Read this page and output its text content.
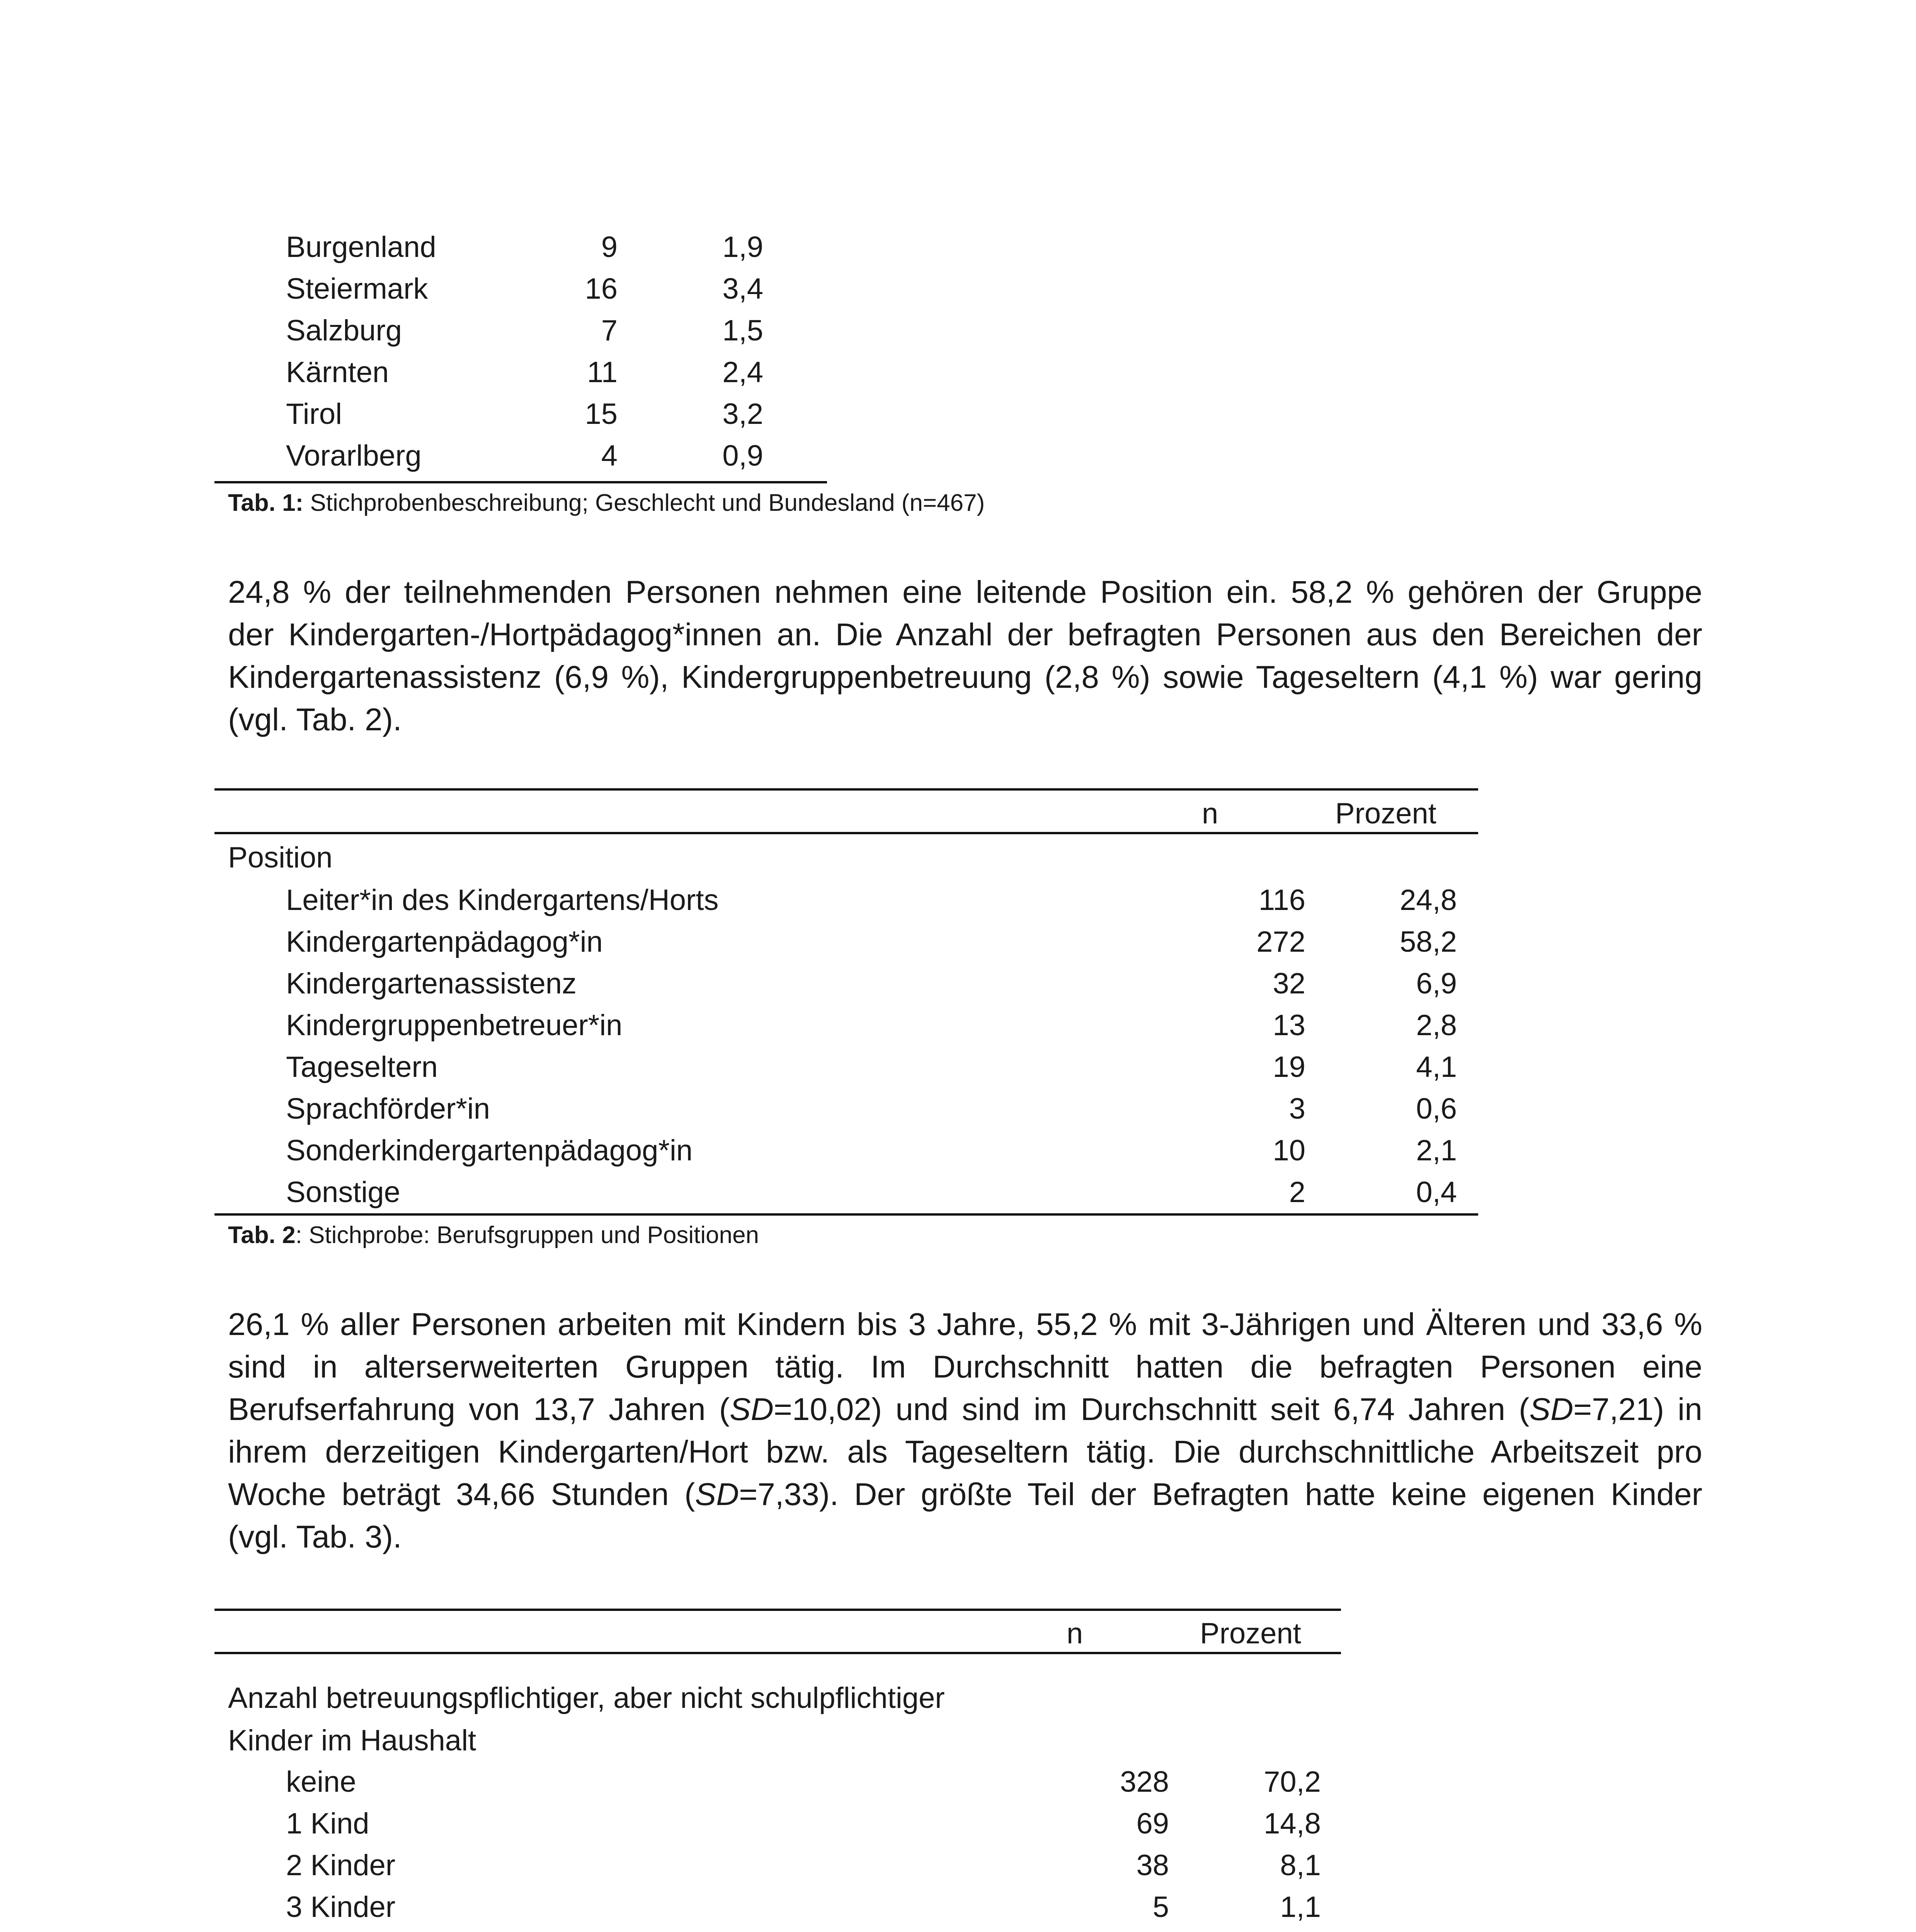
Burgenland	9	1,9
Steiermark	16	3,4
Salzburg	7	1,5
Kärnten	11	2,4
Tirol	15	3,2
Vorarlberg	4	0,9
Tab. 1: Stichprobenbeschreibung; Geschlecht und Bundesland (n=467)
24,8 % der teilnehmenden Personen nehmen eine leitende Position ein. 58,2 % gehören der Gruppe
der Kindergarten-/Hortpädagog*innen an. Die Anzahl der befragten Personen aus den Bereichen der
Kindergartenassistenz (6,9 %), Kindergruppenbetreuung (2,8 %) sowie Tageseltern (4,1 %) war gering
(vgl. Tab. 2).
n	Prozent
Position
Leiter*in des Kindergartens/Horts	116	24,8
Kindergartenpädagog*in	272	58,2
Kindergartenassistenz	32	6,9
Kindergruppenbetreuer*in	13	2,8
Tageseltern	19	4,1
Sprachförder*in	3	0,6
Sonderkindergartenpädagog*in	10	2,1
Sonstige	2	0,4
Tab. 2: Stichprobe: Berufsgruppen und Positionen
26,1 % aller Personen arbeiten mit Kindern bis 3 Jahre, 55,2 % mit 3-Jährigen und Älteren und 33,6 %
sind in alterserweiterten Gruppen tätig. Im Durchschnitt hatten die befragten Personen eine
Berufserfahrung von 13,7 Jahren (SD=10,02) und sind im Durchschnitt seit 6,74 Jahren (SD=7,21) in
ihrem derzeitigen Kindergarten/Hort bzw. als Tageseltern tätig. Die durchschnittliche Arbeitszeit pro
Woche beträgt 34,66 Stunden (SD=7,33). Der größte Teil der Befragten hatte keine eigenen Kinder
(vgl. Tab. 3).
n	Prozent
Anzahl betreuungspflichtiger, aber nicht schulpflichtiger
Kinder im Haushalt
keine	328	70,2
1 Kind	69	14,8
2 Kinder	38	8,1
3 Kinder	5	1,1
